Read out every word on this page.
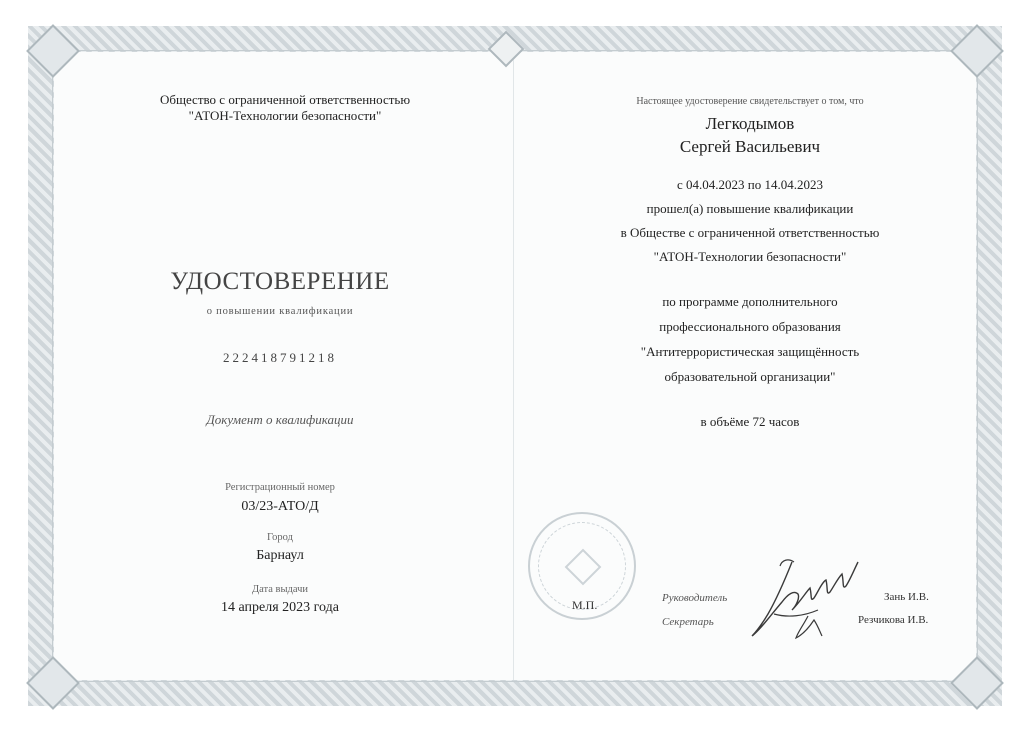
Общество с ограниченной ответственностью
"АТОН-Технологии безопасности"
УДОСТОВЕРЕНИЕ
о повышении квалификации
222418791218
Документ о квалификации
Регистрационный номер
03/23-АТО/Д
Город
Барнаул
Дата выдачи
14 апреля 2023 года
Настоящее удостоверение свидетельствует о том, что
Легкодымов
Сергей Васильевич
с 04.04.2023 по 14.04.2023
прошел(а) повышение квалификации
в Обществе с ограниченной ответственностью
"АТОН-Технологии безопасности"
по программе дополнительного
профессионального образования
"Антитеррористическая защищённость
образовательной организации"
в объёме 72 часов
М.П.	Руководитель	Зань И.В.
Секретарь	Резчикова И.В.
